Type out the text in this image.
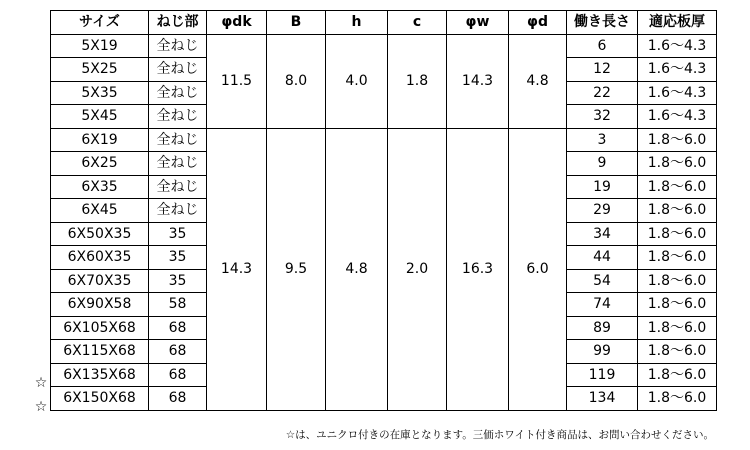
サイズ	ねじ部	φdk	B	h	c	φw	φd	働き長さ	適応板厚
5X19	全ねじ	11.5	8.0	4.0	1.8	14.3	4.8	6	1.6～4.3
5X25	全ねじ							12	1.6～4.3
5X35	全ねじ							22	1.6～4.3
5X45	全ねじ							32	1.6～4.3
6X19	全ねじ	14.3	9.5	4.8	2.0	16.3	6.0	3	1.8～6.0
6X25	全ねじ							9	1.8～6.0
6X35	全ねじ							19	1.8～6.0
6X45	全ねじ							29	1.8～6.0
6X50X35	35							34	1.8～6.0
6X60X35	35							44	1.8～6.0
6X70X35	35							54	1.8～6.0
6X90X58	58							74	1.8～6.0
6X105X68	68							89	1.8～6.0
6X115X68	68							99	1.8～6.0
6X135X68	68							119	1.8～6.0
6X150X68	68							134	1.8～6.0
☆
☆
☆は、ユニクロ付きの在庫となります。三価ホワイト付き商品は、お問い合わせください。
